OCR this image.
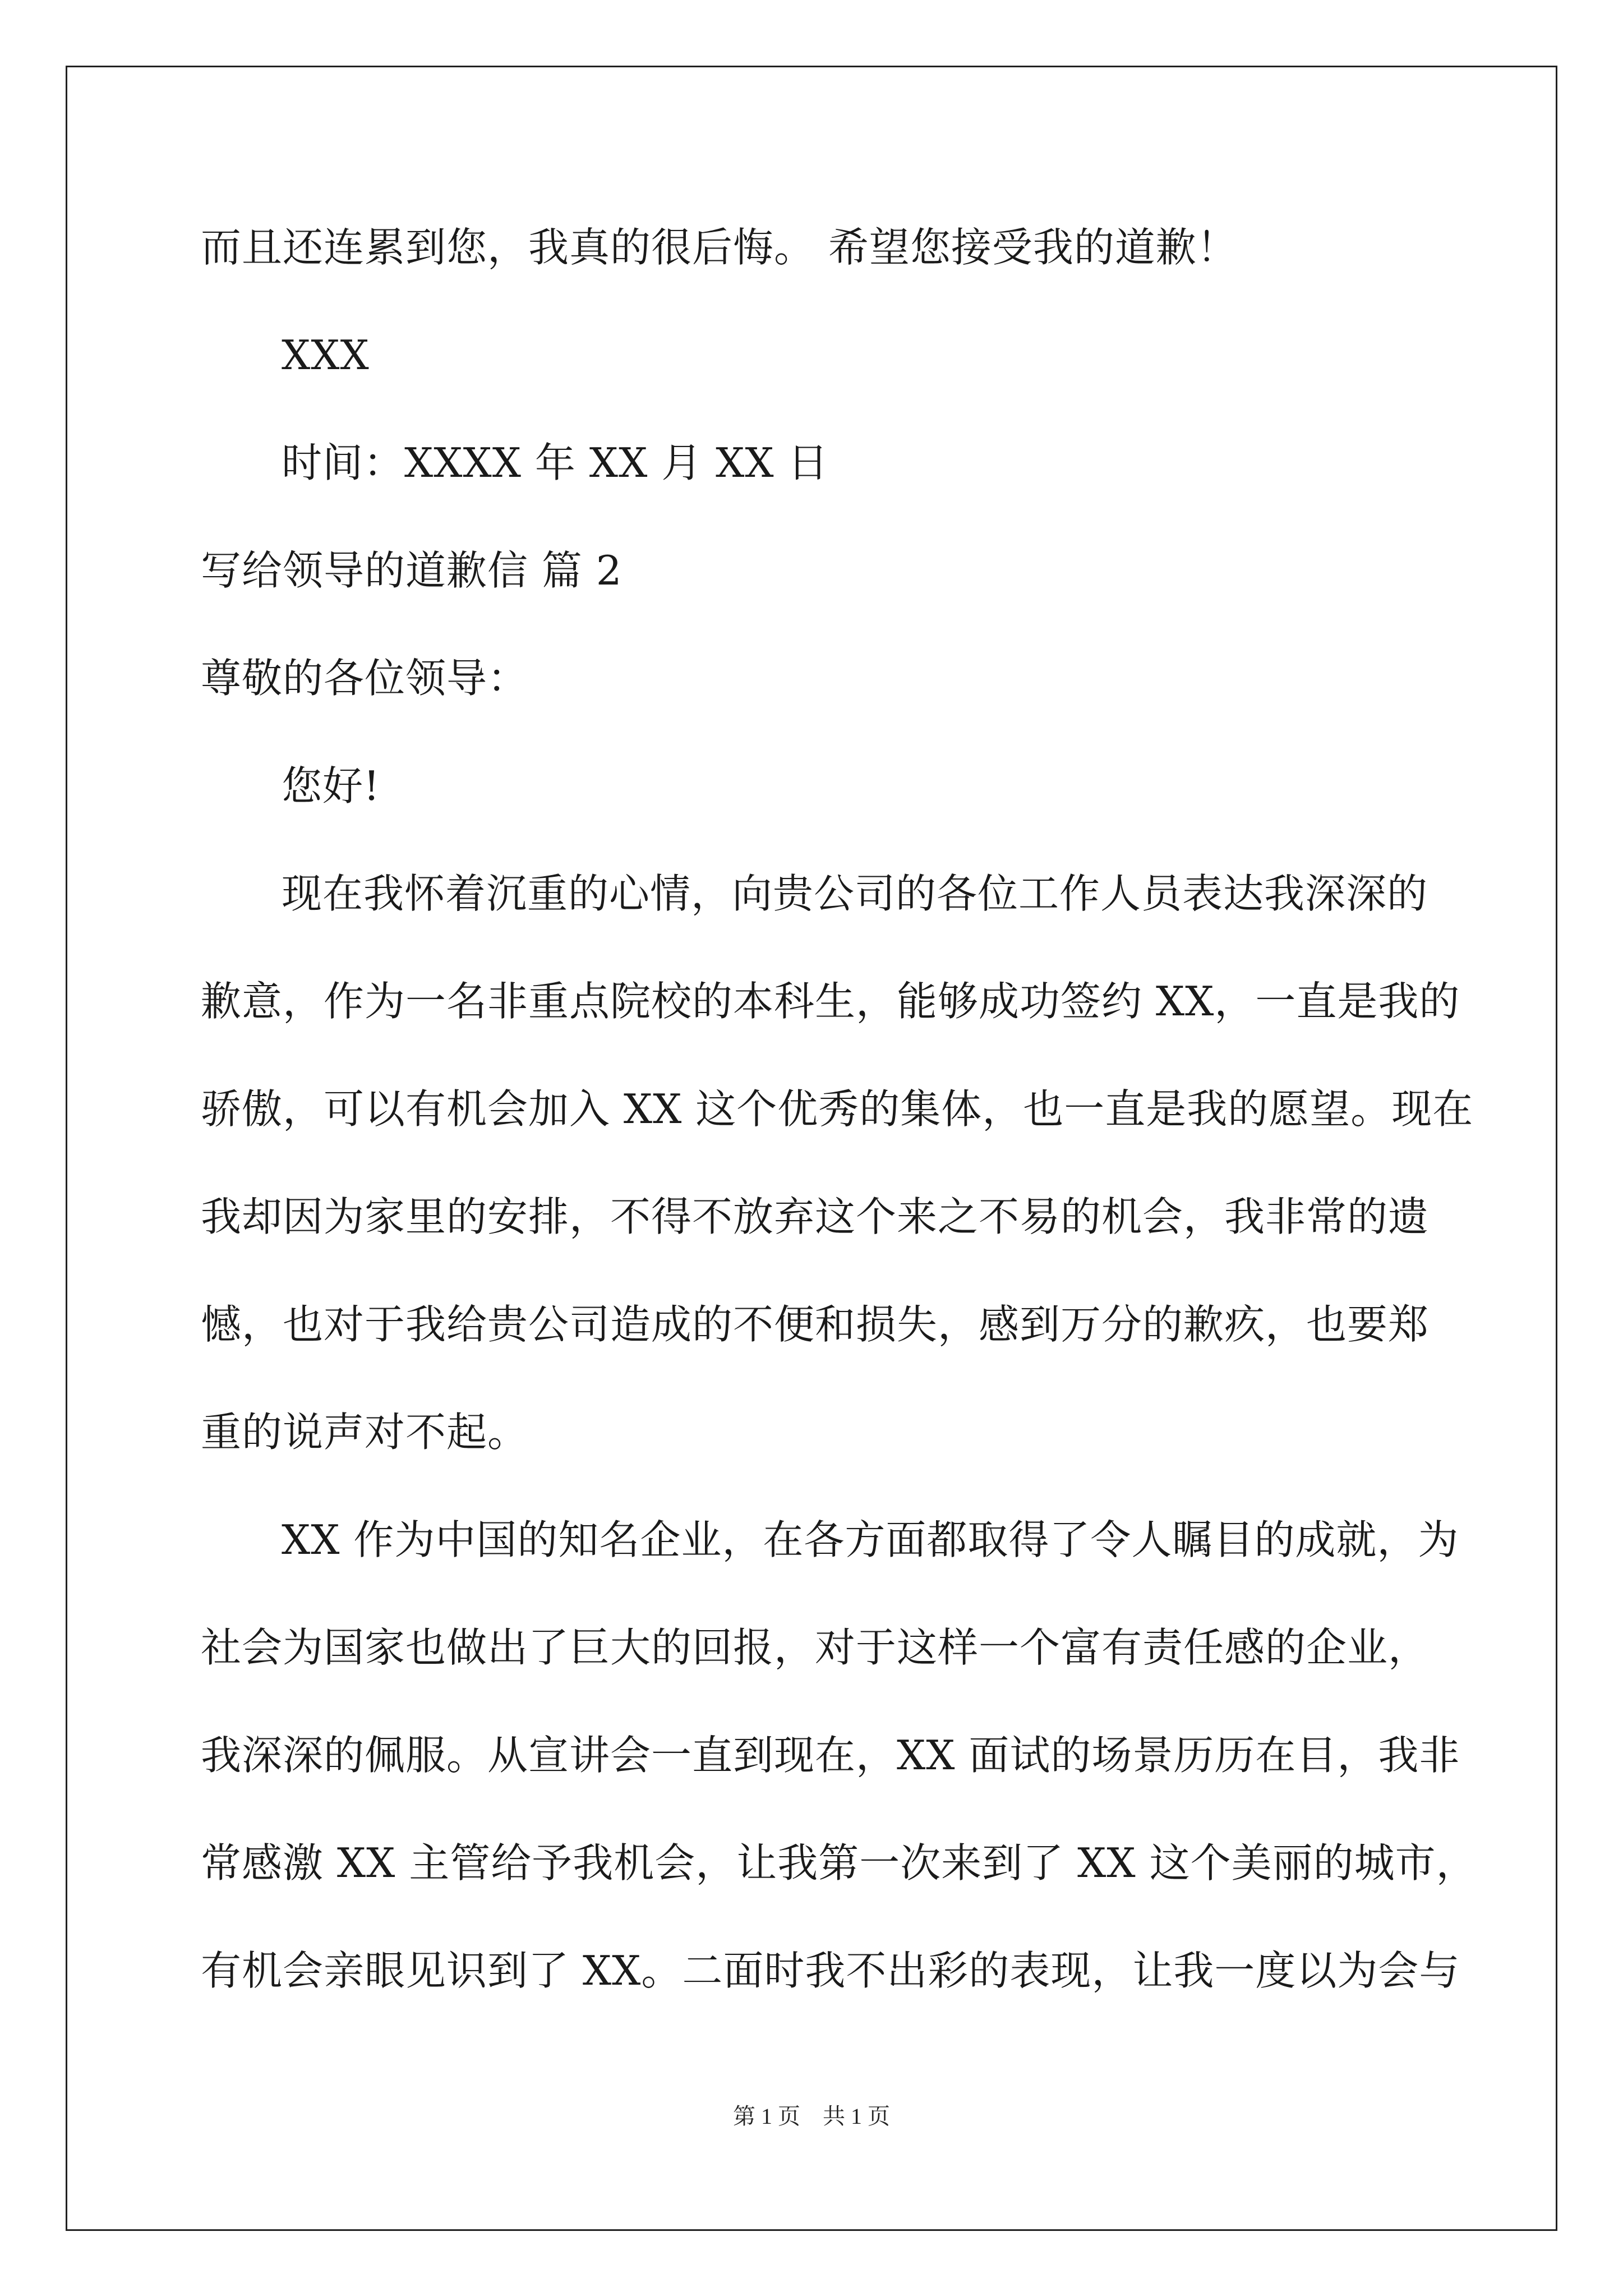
而且还连累到您，我真的很后悔。 希望您接受我的道歉！
XXX
时间：XXXX 年 XX 月 XX 日
写给领导的道歉信 篇 2
尊敬的各位领导：
您好!
现在我怀着沉重的心情，向贵公司的各位工作人员表达我深深的
歉意，作为一名非重点院校的本科生，能够成功签约 XX，一直是我的
骄傲，可以有机会加入 XX 这个优秀的集体，也一直是我的愿望。现在
我却因为家里的安排，不得不放弃这个来之不易的机会，我非常的遗
憾，也对于我给贵公司造成的不便和损失，感到万分的歉疚，也要郑
重的说声对不起。
XX 作为中国的知名企业，在各方面都取得了令人瞩目的成就，为
社会为国家也做出了巨大的回报，对于这样一个富有责任感的企业，
我深深的佩服。从宣讲会一直到现在，XX 面试的场景历历在目，我非
常感激 XX 主管给予我机会，让我第一次来到了 XX 这个美丽的城市，
有机会亲眼见识到了 XX。二面时我不出彩的表现，让我一度以为会与
第 1 页　共 1 页
